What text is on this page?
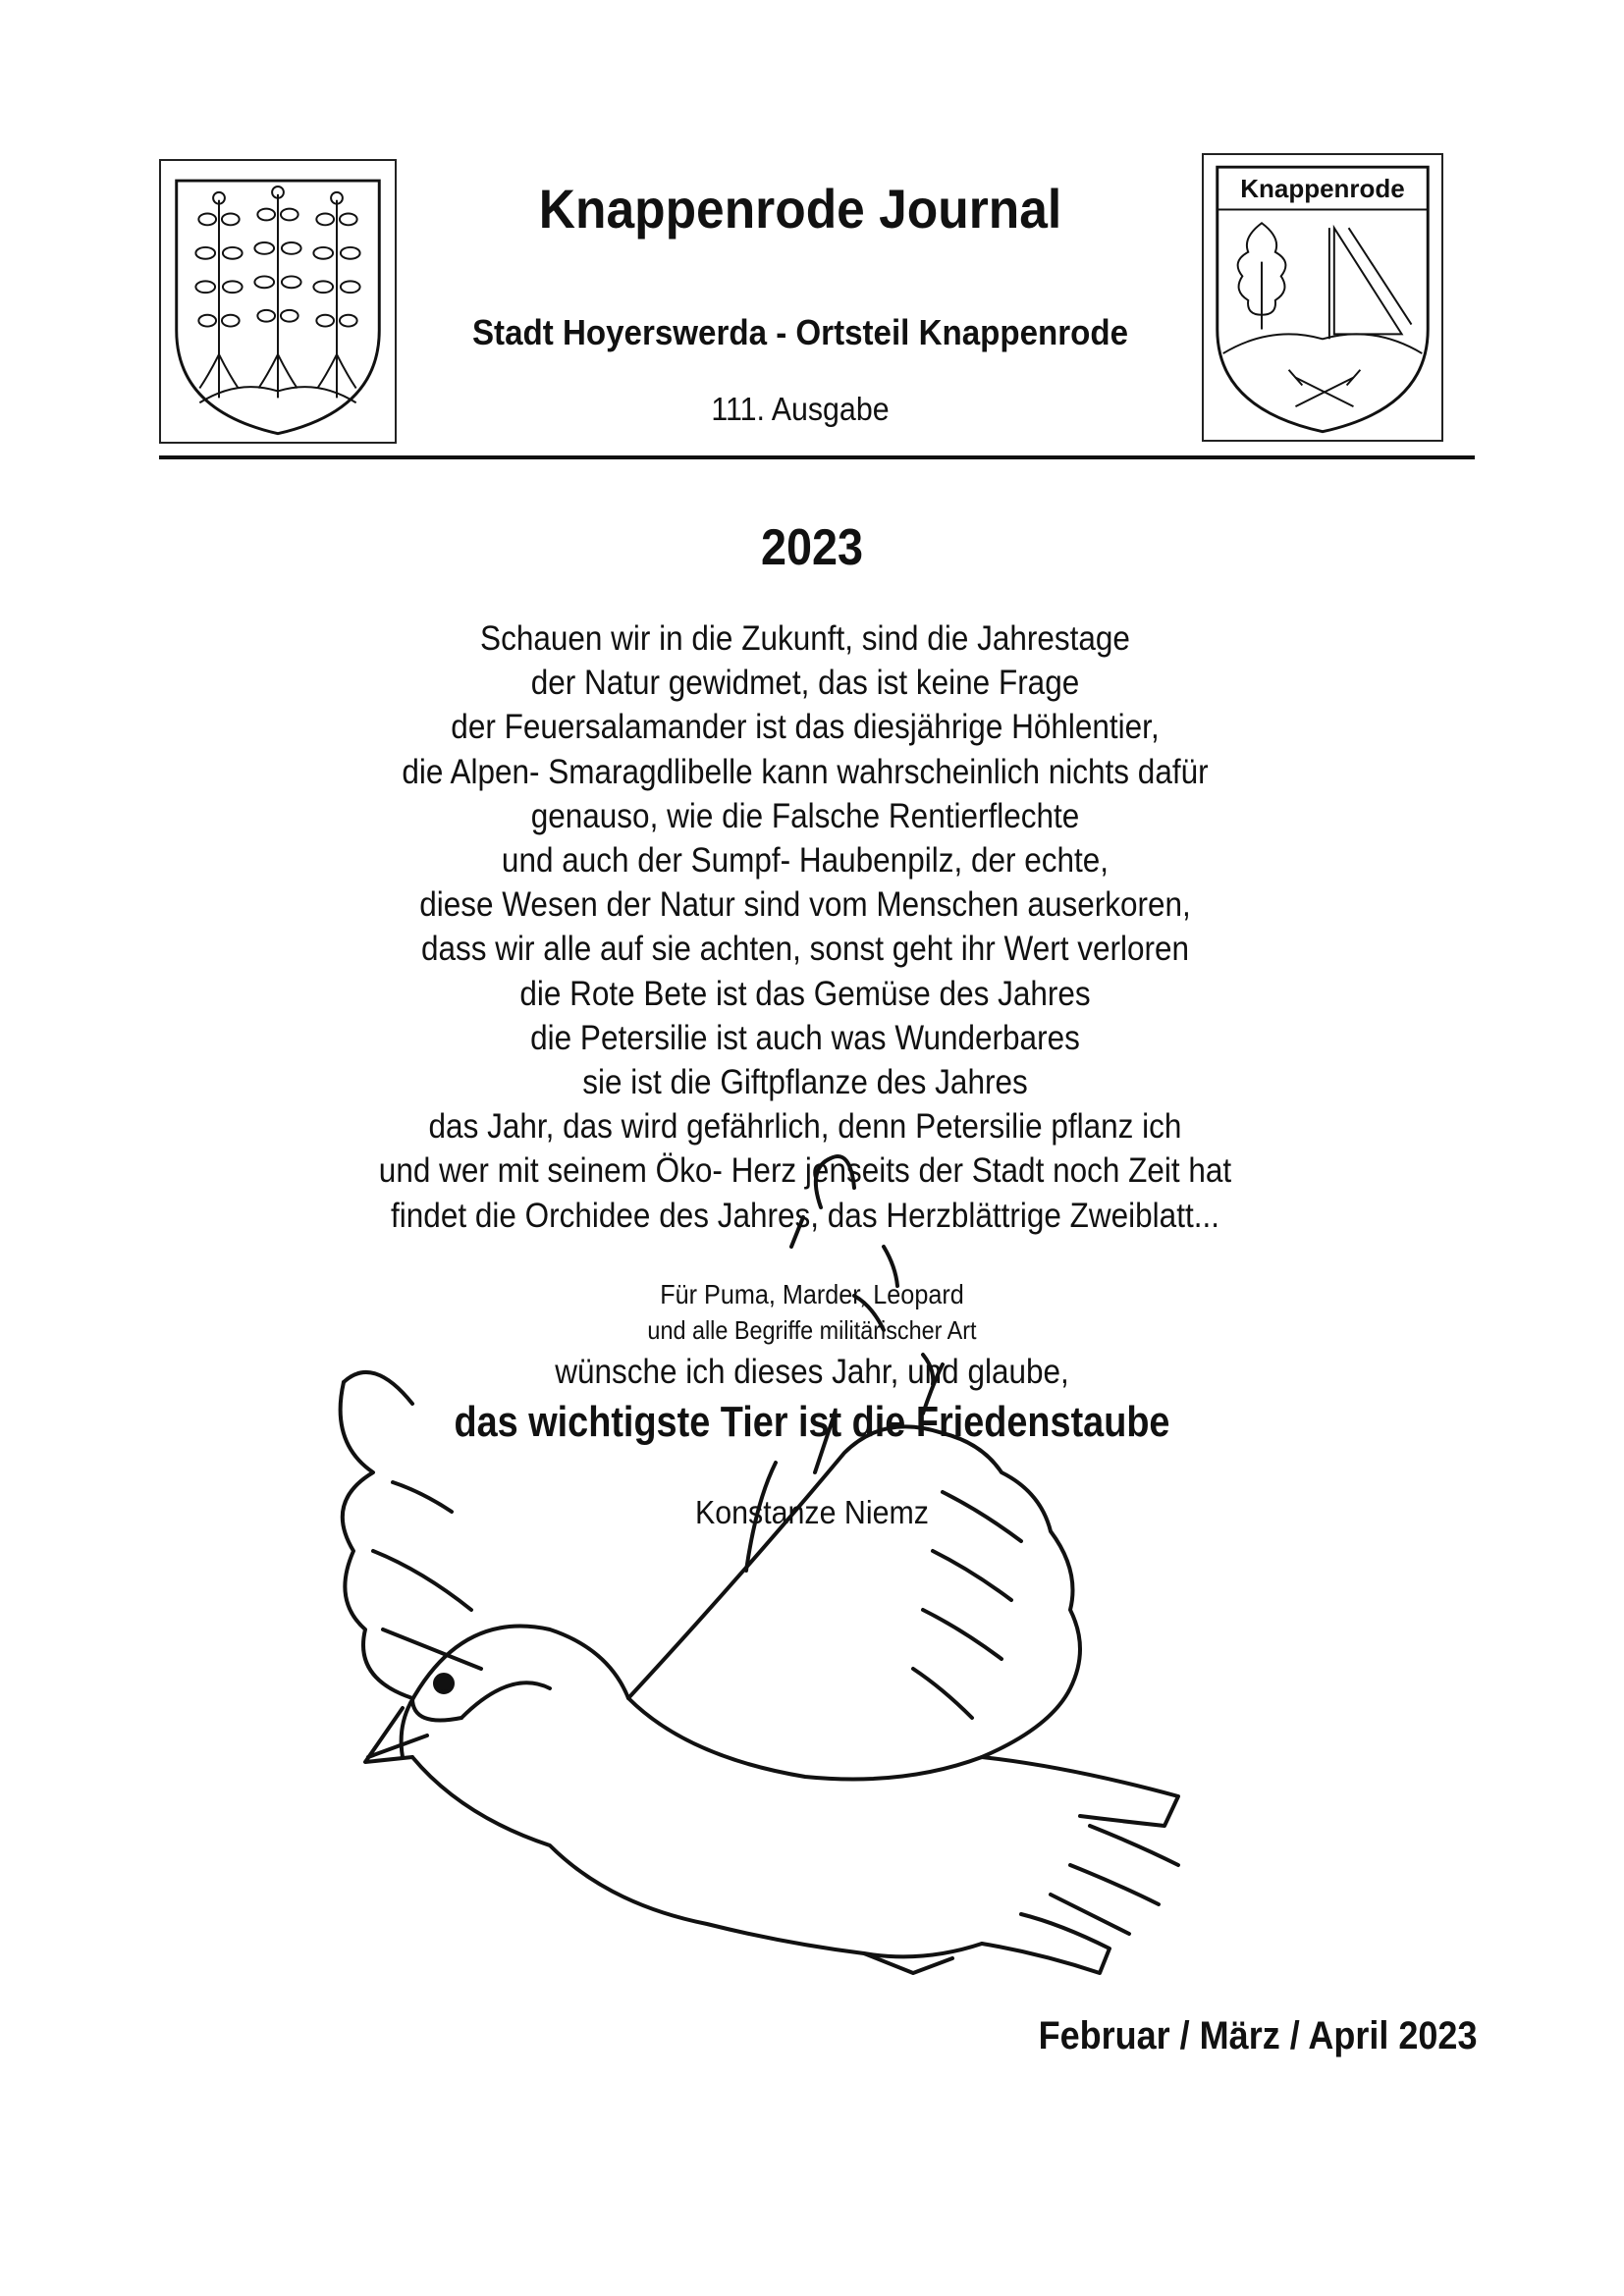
Knappenrode
Knappenrode Journal
Stadt Hoyerswerda - Ortsteil Knappenrode
111. Ausgabe
2023
Schauen wir in die Zukunft, sind die Jahrestage
der Natur gewidmet, das ist keine Frage
der Feuersalamander ist das diesjährige Höhlentier,
die Alpen- Smaragdlibelle kann wahrscheinlich nichts dafür
genauso, wie die Falsche Rentierflechte
und auch der Sumpf- Haubenpilz, der echte,
diese Wesen der Natur sind vom Menschen auserkoren,
dass wir alle auf sie achten, sonst geht ihr Wert verloren
die Rote Bete ist das Gemüse des Jahres
die Petersilie ist auch was Wunderbares
sie ist die Giftpflanze des Jahres
das Jahr, das wird gefährlich, denn Petersilie pflanz ich
und wer mit seinem Öko- Herz jenseits der Stadt noch Zeit hat
findet die Orchidee des Jahres, das Herzblättrige Zweiblatt...
Für Puma, Marder, Leopard
und alle Begriffe militärischer Art
wünsche ich dieses Jahr, und glaube,
das wichtigste Tier ist die Friedenstaube
Konstanze Niemz
Februar / März / April 2023
